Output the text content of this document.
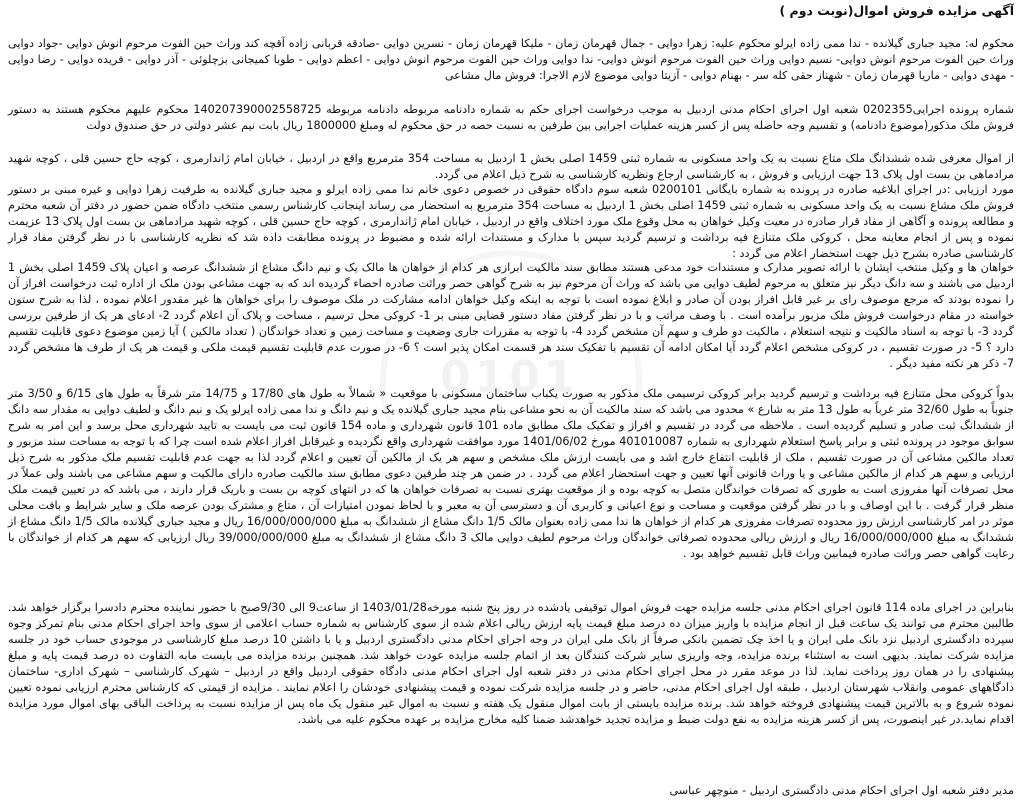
0101

آگهی مزایده فروش اموال(نوبت دوم )

محکوم له: مجید جباری گیلانده - ندا ممی زاده ایرلو محکوم علیه: زهرا دوایی - جمال قهرمان زمان - ملیکا قهرمان زمان - نسرین دوایی -صادقه قربانی زاده آقچه کند وراث حین الفوت مرحوم انوش دوایی -جواد دوایی وراث حین الفوت مرحوم انوش دوایی- نسیم دوایی وراث حین الفوت مرحوم انوش دوایی- ندا دوایی وراث حین الفوت مرحوم انوش دوایی - اعظم دوایی - طوبا کمیجانی بزچلوئی - آذر دوایی - فریده دوایی - رضا دوایی - مهدی دوایی - ماریا قهرمان زمان - شهناز حقی کله سر - بهنام دوایی - آزیتا دوایی موضوع لازم الاجرا: فروش مال مشاعی

شماره پرونده اجرایی0202355 شعبه اول اجرای احکام مدنی اردبیل به موجب درخواست اجرای حکم به شماره دادنامه مربوطه دادنامه مربوطه 140207390002558725 محکوم علیهم محکوم هستند به دستور فروش ملک مذکور(موضوع دادنامه) و تقسیم وجه حاصله پس از کسر هزینه عملیات اجرایی بین طرفین به نسبت حصه در حق محکوم له ومبلغ 1800000 ریال بابت نیم عشر دولتی در حق صندوق دولت

از اموال معرفی شده ششدانگ ملک متاع نسبت به یک واحد مسکونی به شماره ثبتی 1459 اصلی بخش 1 اردبیل به مساحت 354 مترمربع واقع در اردبیل ، خیابان امام ژاندارمری ، کوچه حاج حسین قلی ، کوچه شهید مرادماهی بن بست اول پلاک 13 جهت ارزیابی و فروش ، به کارشناسی ارجاع ونظریه کارشناسی به شرح ذیل اعلام می گردد.

مورد ارزیابی :در اجرای ابلاغیه صادره در پرونده به شماره بایگانی 0200101 شعبه سوم دادگاه حقوقی در خصوص دعوی خانم ندا ممی زاده ایرلو و مجید جباری گیلانده به طرفیت زهرا دوایی و غیره مبنی بر دستور فروش ملک مشاع نسبت به یک واحد مسکونی به شماره ثبتی 1459 اصلی بخش 1 اردبیل به مساحت 354 مترمربع به استحضار می رساند اینجانب کارشناس رسمی منتخب دادگاه ضمن حضور در دفتر آن شعبه محترم و مطالعه پرونده و آگاهی از مفاد قرار صادره در معیت وکیل خواهان به محل وقوع ملک مورد اختلاف واقع در اردبیل ، خیابان امام ژاندارمری ، کوچه حاج حسین قلی ، کوچه شهید مرادماهی بن بست اول پلاک 13 عزیمت نموده و پس از انجام معاینه محل ، کروکی ملک متنازع فیه برداشت و ترسیم گردید سپس با مدارک و مستندات ارائه شده و مضبوط در پرونده مطابقت داده شد که نظریه کارشناسی با در نظر گرفتن مفاد قرار کارشناسی صادره بشرح ذیل جهت استحضار اعلام می گردد :

خواهان ها و وکیل منتخب ایشان با ارائه تصویر مدارک و مستندات خود مدعی هستند مطابق سند مالکیت ابرازی هر کدام از خواهان ها مالک یک و نیم دانگ مشاع از ششدانگ عرصه و اعیان پلاک 1459 اصلی بخش 1 اردبیل می باشند و سه دانگ دیگر نیز متعلق به مرحوم لطیف دوایی می باشد که وراث آن مرحوم نیز به شرح گواهی حصر وراثت صادره احصاء گردیده اند که به جهت مشاعی بودن ملک از اداره ثبت درخواست افراز آن را نموده بودند که مرجع موصوف رای بر غیر قابل افراز بودن آن صادر و ابلاغ نموده است با توجه به اینکه وکیل خواهان ادامه مشارکت در ملک موصوف را برای خواهان ها غیر مقدور اعلام نموده ، لذا به شرح ستون خواسته در مقام درخواست فروش ملک مزبور برآمده است . با وصف مراتب و با در نظر گرفتن مفاد دستور قضایی مبنی بر 1- کروکی محل ترسیم ، مساحت و پلاک آن اعلام گردد 2- ادعای هر یک از طرفین بررسی گردد 3- با توجه به اسناد مالکیت و نتیجه استعلام ، مالکیت دو طرف و سهم آن مشخص گردد 4- با توجه به مقررات جاری وضعیت و مساحت زمین و تعداد خواندگان ( تعداد مالکین ) آیا زمین موضوع دعوی قابلیت تقسیم دارد ؟ 5- در صورت تقسیم ، در کروکی مشخص اعلام گردد آیا امکان ادامه آن تقسیم با تفکیک سند هر قسمت امکان پذیر است ؟ 6- در صورت عدم قابلیت تقسیم قیمت ملکی و قیمت هر یک از طرف ها مشخص گردد 7- ذکر هر نکته مفید دیگر .

بدواً کروکی محل متنازع فیه برداشت و ترسیم گردید برابر کروکی ترسیمی ملک مذکور به صورت یکباب ساختمان مسکونی با موقعیت « شمالاً به طول های 17/80 و 14/75 متر شرقاً به طول های 6/15 و 3/50 متر جنوباً به طول 32/60 متر غرباً به طول 13 متر به شارع » محدود می باشد که سند مالکیت آن به نحو مشاعی بنام مجید جباری گیلانده یک و نیم دانگ و ندا ممی زاده ایرلو یک و نیم دانگ و لطیف دوایی به مقدار سه دانگ از ششدانگ ثبت صادر و تسلیم گردیده است . ملاحظه می گردد در تقسیم و افراز و تفکیک ملک مطابق ماده 101 قانون شهرداری و ماده 154 قانون ثبت می بایست به تایید شهرداری محل برسد و این امر به شرح سوابق موجود در پرونده ثبتی و برابر پاسخ استعلام شهرداری به شماره 401010087 مورخ 1401/06/02 مورد موافقت شهرداری واقع نگردیده و غیرقابل افراز اعلام شده است چرا که با توجه به مساحت سند مزبور و تعداد مالکین مشاعی آن در صورت تقسیم ، ملک از قابلیت انتفاع خارج اشد و می بایست ارزش ملک مشخص و سهم هر یک از مالکین آن تعیین و اعلام گردد لذا به جهت عدم قابلیت تقسیم ملک مذکور به شرح ذیل ارزیابی و سهم هر کدام از مالکین مشاعی و یا وراث قانونی آنها تعیین و جهت استحضار اعلام می گردد . در ضمن هر چند طرفین دعوی مطابق سند مالکیت صادره دارای مالکیت و سهم مشاعی می باشند ولی عملاً در محل تصرفات آنها مفروزی است به طوری که تصرفات خواندگان متصل به کوچه بوده و از موقعیت بهتری نسبت به تصرفات خواهان ها که در انتهای کوچه بن بست و باریک قرار دارند ، می باشد که در تعیین قیمت ملک منظر قرار گرفت . با این اوصاف و با در نظر گرفتن موقعیت و مساحت و نوع اعیانی و کاربری آن و دسترسی آن به معبر و با لحاظ نمودن امتیازات آن ، متاع و مشترک بودن عرصه ملک و سایر شرایط و بافت محلی موثر در امر کارشناسی ارزش روز محدوده تصرفات مفروزی هر کدام از خواهان ها ندا ممی زاده بعنوان مالک 1/5 دانگ مشاع از ششدانگ به مبلغ 16/000/000/000 ریال و مجید جباری گیلانده مالک 1/5 دانگ مشاع از ششدانگ به مبلغ 16/000/000/000 ریال و ارزش ریالی محدوده تصرفاتی خواندگان وراث مرحوم لطیف دوایی مالک 3 دانگ مشاع از ششدانگ به مبلغ 39/000/000/000 ریال ارزیابی که سهم هر کدام از خواندگان با رعایت گواهی حصر وراثت صادره فیمابین وراث قابل تقسیم خواهد بود .

بنابراین در اجرای ماده 114 قانون اجرای احکام مدنی جلسه مزایده جهت فروش اموال توقیفی یادشده در روز پنج شنبه مورخه1403/01/28 از ساعت9 الی 9/30صبح با حضور نماینده محترم دادسرا برگزار خواهد شد. طالبین محترم می توانند یک ساعت قبل از انجام مزایده با واریز میزان ده درصد مبلغ قیمت پایه ارزش ریالی اعلام شده از سوی کارشناس به شماره حساب اعلامی از سوی واحد اجرای احکام مدنی بنام تمرکز وجوه سپرده دادگستری اردبیل نزد بانک ملی ایران و یا اخذ چک تضمین بانکی صرفاً از بانک ملی ایران در وجه اجرای احکام مدنی دادگستری اردبیل و یا با داشتن 10 درصد مبلغ کارشناسی در موجودی حساب خود در جلسه مزایده شرکت نمایند. بدیهی است به استثناء برنده مزایده، وجه واریزی سایر شرکت کنندگان بعد از اتمام جلسه مزایده عودت خواهد شد. همچنین برنده مزایده می بایست مابه التفاوت ده درصد قیمت پایه و مبلغ پیشنهادی را در همان روز پرداخت نماید. لذا در موعد مقرر در محل اجرای احکام مدنی در دفتر شعبه اول اجرای احکام مدنی دادگاه حقوقی اردبیل واقع در اردبیل – شهرک کارشناسی – شهرک اداری- ساختمان دادگاههای عمومی وانقلاب شهرستان اردبیل ، طبقه اول اجرای احکام مدنی، حاضر و در جلسه مزایده شرکت نموده و قیمت پیشنهادی خودشان را اعلام نمایند . مزایده از قیمتی که کارشناس محترم ارزیابی نموده تعیین نموده شروع و به بالاترین قیمت پیشنهادی فروخته خواهد شد. برنده مزایده بایستی از بابت اموال منقول یک هفته و نسبت به اموال غیر منقول یک ماه پس از مزایده نسبت به پرداخت الباقی بهای اموال مورد مزایده اقدام نماید.در غیر اینصورت، پس از کسر هزینه مزایده به نفع دولت ضبط و مزایده تجدید خواهدشد ضمنا کلیه مخارج مزایده بر عهده محکوم علیه می باشد.

مدیر دفتر شعبه اول اجرای احکام مدنی دادگستری اردبیل - منوچهر عباسی
